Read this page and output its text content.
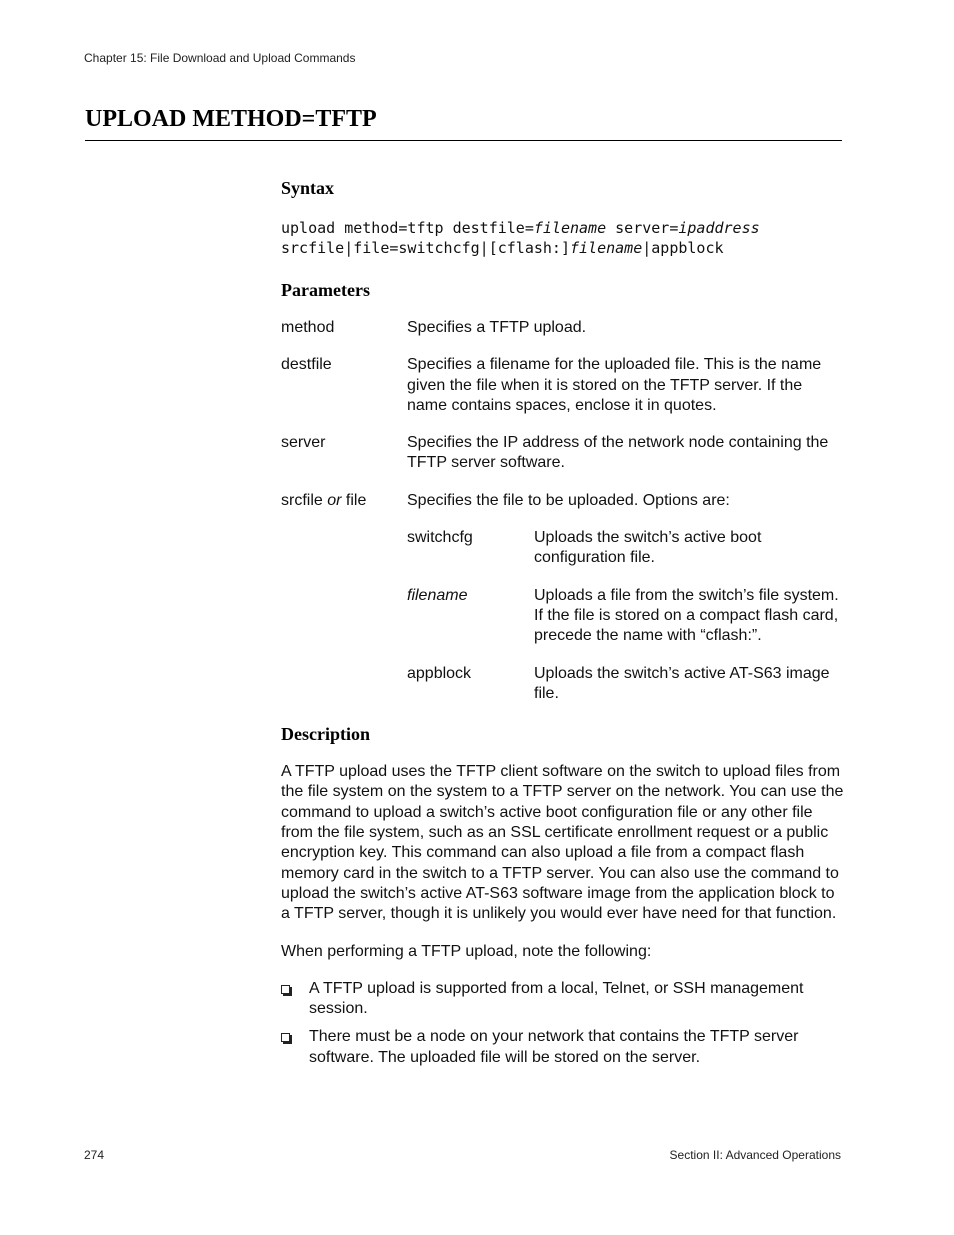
Chapter 15: File Download and Upload Commands
UPLOAD METHOD=TFTP
Syntax
upload method=tftp destfile=filename server=ipaddress
srcfile|file=switchcfg|[cflash:]filename|appblock
Parameters
method	Specifies a TFTP upload.
destfile	Specifies a filename for the uploaded file. This is the name given the file when it is stored on the TFTP server. If the name contains spaces, enclose it in quotes.
server	Specifies the IP address of the network node containing the TFTP server software.
srcfile or file	Specifies the file to be uploaded. Options are:
switchcfg	Uploads the switch’s active boot configuration file.
filename	Uploads a file from the switch’s file system. If the file is stored on a compact flash card, precede the name with “cflash:”.
appblock	Uploads the switch’s active AT-S63 image file.
Description

A TFTP upload uses the TFTP client software on the switch to upload files from the file system on the system to a TFTP server on the network. You can use the command to upload a switch’s active boot configuration file or any other file from the file system, such as an SSL certificate enrollment request or a public encryption key. This command can also upload a file from a compact flash memory card in the switch to a TFTP server. You can also use the command to upload the switch’s active AT-S63 software image from the application block to a TFTP server, though it is unlikely you would ever have need for that function.

When performing a TFTP upload, note the following:

A TFTP upload is supported from a local, Telnet, or SSH management session.
There must be a node on your network that contains the TFTP server software. The uploaded file will be stored on the server.
274	Section II: Advanced Operations
